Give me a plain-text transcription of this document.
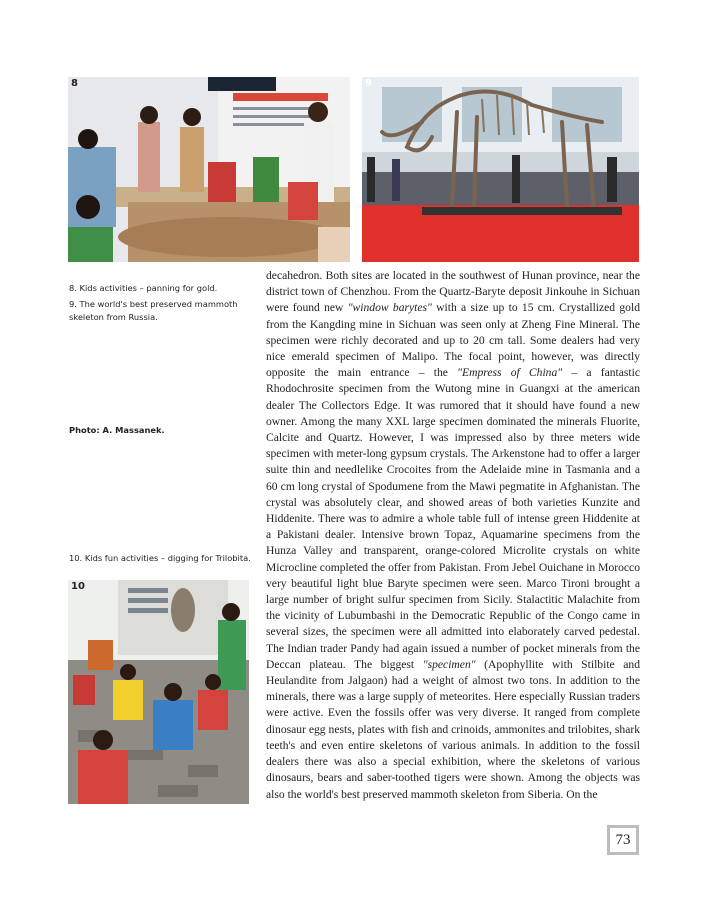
8	9
8. Kids activities – panning for gold.
9. The world's best preserved mammoth skeleton from Russia.
Photo: A. Massanek.
10. Kids fun activities – digging for Trilobita.
10
decahedron. Both sites are located in the southwest of Hunan province, near the district town of Chenzhou. From the Quartz-Baryte deposit Jinkouhe in Sichuan were found new "window barytes" with a size up to 15 cm. Crystallized gold from the Kangding mine in Sichuan was seen only at Zheng Fine Mineral. The specimen were richly decorated and up to 20 cm tall. Some dealers had very nice emerald specimen of Malipo. The focal point, however, was directly opposite the main entrance – the "Empress of China" – a fantastic Rhodochrosite specimen from the Wutong mine in Guangxi at the american dealer The Collectors Edge. It was rumored that it should have found a new owner. Among the many XXL large specimen dominated the minerals Fluorite, Calcite and Quartz. However, I was impressed also by three meters wide specimen with meter-long gypsum crystals. The Arkenstone had to offer a larger suite thin and needlelike Crocoites from the Adelaide mine in Tasmania and a 60 cm long crystal of Spodumene from the Mawi pegmatite in Afghanistan. The crystal was absolutely clear, and showed areas of both varieties Kunzite and Hiddenite. There was to admire a whole table full of intense green Hiddenite at a Pakistani dealer. Intensive brown Topaz, Aquamarine specimens from the Hunza Valley and transparent, orange-colored Microlite crystals on white Microcline completed the offer from Pakistan. From Jebel Ouichane in Morocco very beautiful light blue Baryte specimen were seen. Marco Tironi brought a large number of bright sulfur specimen from Sicily. Stalactitic Malachite from the vicinity of Lubumbashi in the Democratic Republic of the Congo came in several sizes, the specimen were all admitted into elaborately carved pedestal. The Indian trader Pandy had again issued a number of pocket minerals from the Deccan plateau. The biggest "specimen" (Apophyllite with Stilbite and Heulandite from Jalgaon) had a weight of almost two tons. In addition to the minerals, there was a large supply of meteorites. Here especially Russian traders were active. Even the fossils offer was very diverse. It ranged from complete dinosaur egg nests, plates with fish and crinoids, ammonites and trilobites, shark teeth's and even entire skeletons of various animals. In addition to the fossil dealers there was also a special exhibition, where the skeletons of various dinosaurs, bears and saber-toothed tigers were shown. Among the objects was also the world's best preserved mammoth skeleton from Siberia. On the
73
